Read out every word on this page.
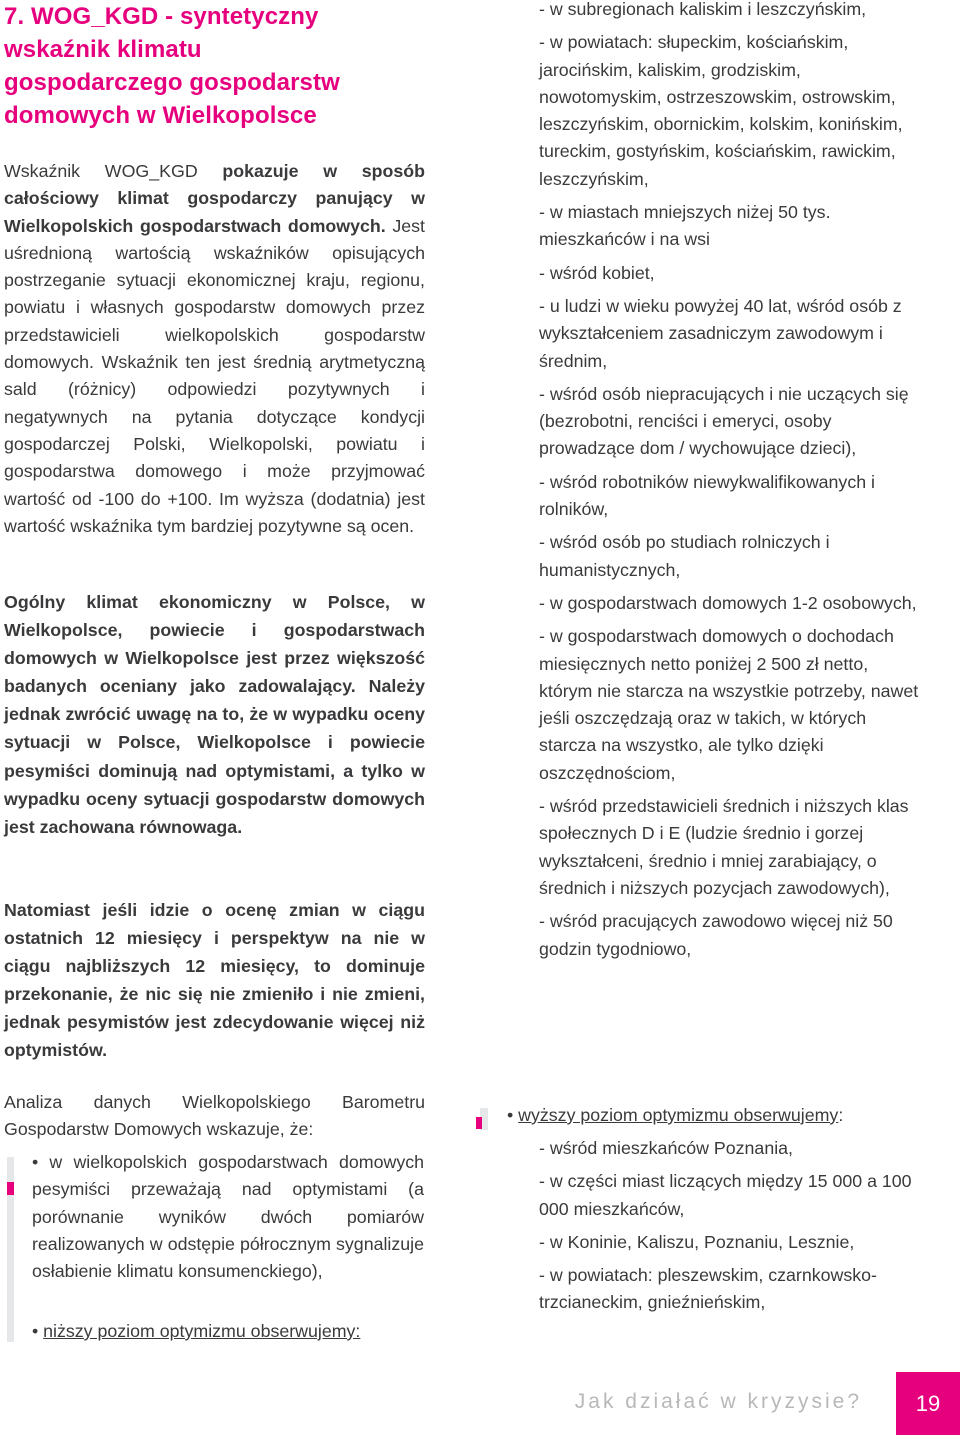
7. WOG_KGD - syntetyczny
wskaźnik klimatu
gospodarczego gospodarstw
domowych w Wielkopolsce

Wskaźnik WOG_KGD pokazuje w sposób całościowy klimat gospodarczy panujący w Wielkopolskich gospodarstwach domowych. Jest uśrednioną wartością wskaźników opisujących postrzeganie sytuacji ekonomicznej kraju, regionu, powiatu i własnych gospodarstw domowych przez przedstawicieli wielkopolskich gospodarstw domowych. Wskaźnik ten jest średnią arytmetyczną sald (różnicy) odpowiedzi pozytywnych i negatywnych na pytania dotyczące kondycji gospodarczej Polski, Wielkopolski, powiatu i gospodarstwa domowego i może przyjmować wartość od -100 do +100. Im wyższa (dodatnia) jest wartość wskaźnika tym bardziej pozytywne są ocen.

Ogólny klimat ekonomiczny w Polsce, w Wielkopolsce, powiecie i gospodarstwach domowych w Wielkopolsce jest przez większość badanych oceniany jako zadowalający. Należy jednak zwrócić uwagę na to, że w wypadku oceny sytuacji w Polsce, Wielkopolsce i powiecie pesymiści dominują nad optymistami, a tylko w wypadku oceny sytuacji gospodarstw domowych jest zachowana równowaga.

Natomiast jeśli idzie o ocenę zmian w ciągu ostatnich 12 miesięcy i perspektyw na nie w ciągu najbliższych 12 miesięcy, to dominuje przekonanie, że nic się nie zmieniło i nie zmieni, jednak pesymistów jest zdecydowanie więcej niż optymistów.

Analiza danych Wielkopolskiego Barometru Gospodarstw Domowych wskazuje, że:

• w wielkopolskich gospodarstwach domowych pesymiści przeważają nad optymistami (a porównanie wyników dwóch pomiarów realizowanych w odstępie półrocznym sygnalizuje osłabienie klimatu konsumenckiego),

• niższy poziom optymizmu obserwujemy:

- w subregionach kaliskim i leszczyńskim,

- w powiatach: słupeckim, kościańskim, jarocińskim, kaliskim, grodziskim, nowotomyskim, ostrzeszowskim, ostrowskim, leszczyńskim, obornickim, kolskim, konińskim, tureckim, gostyńskim, kościańskim, rawickim, leszczyńskim,

- w miastach mniejszych niżej 50 tys. mieszkańców i na wsi

- wśród kobiet,

- u ludzi w wieku powyżej 40 lat, wśród osób z wykształceniem zasadniczym zawodowym i średnim,

- wśród osób niepracujących i nie uczących się (bezrobotni, renciści i emeryci, osoby prowadzące dom / wychowujące dzieci),

- wśród robotników niewykwalifikowanych i rolników,

- wśród osób po studiach rolniczych i humanistycznych,

- w gospodarstwach domowych 1-2 osobowych,

- w gospodarstwach domowych o dochodach miesięcznych netto poniżej 2 500 zł netto, którym nie starcza na wszystkie potrzeby, nawet jeśli oszczędzają oraz w takich, w których starcza na wszystko, ale tylko dzięki oszczędnościom,

- wśród przedstawicieli średnich i niższych klas społecznych D i E (ludzie średnio i gorzej wykształceni, średnio i mniej zarabiający, o średnich i niższych pozycjach zawodowych),

- wśród pracujących zawodowo więcej niż 50 godzin tygodniowo,

• wyższy poziom optymizmu obserwujemy:

- wśród mieszkańców Poznania,

- w części miast liczących między 15 000 a 100 000 mieszkańców,

- w Koninie, Kaliszu, Poznaniu, Lesznie,

- w powiatach: pleszewskim, czarnkowsko-trzcianeckim, gnieźnieńskim,

Jak działać w kryzysie? 19
